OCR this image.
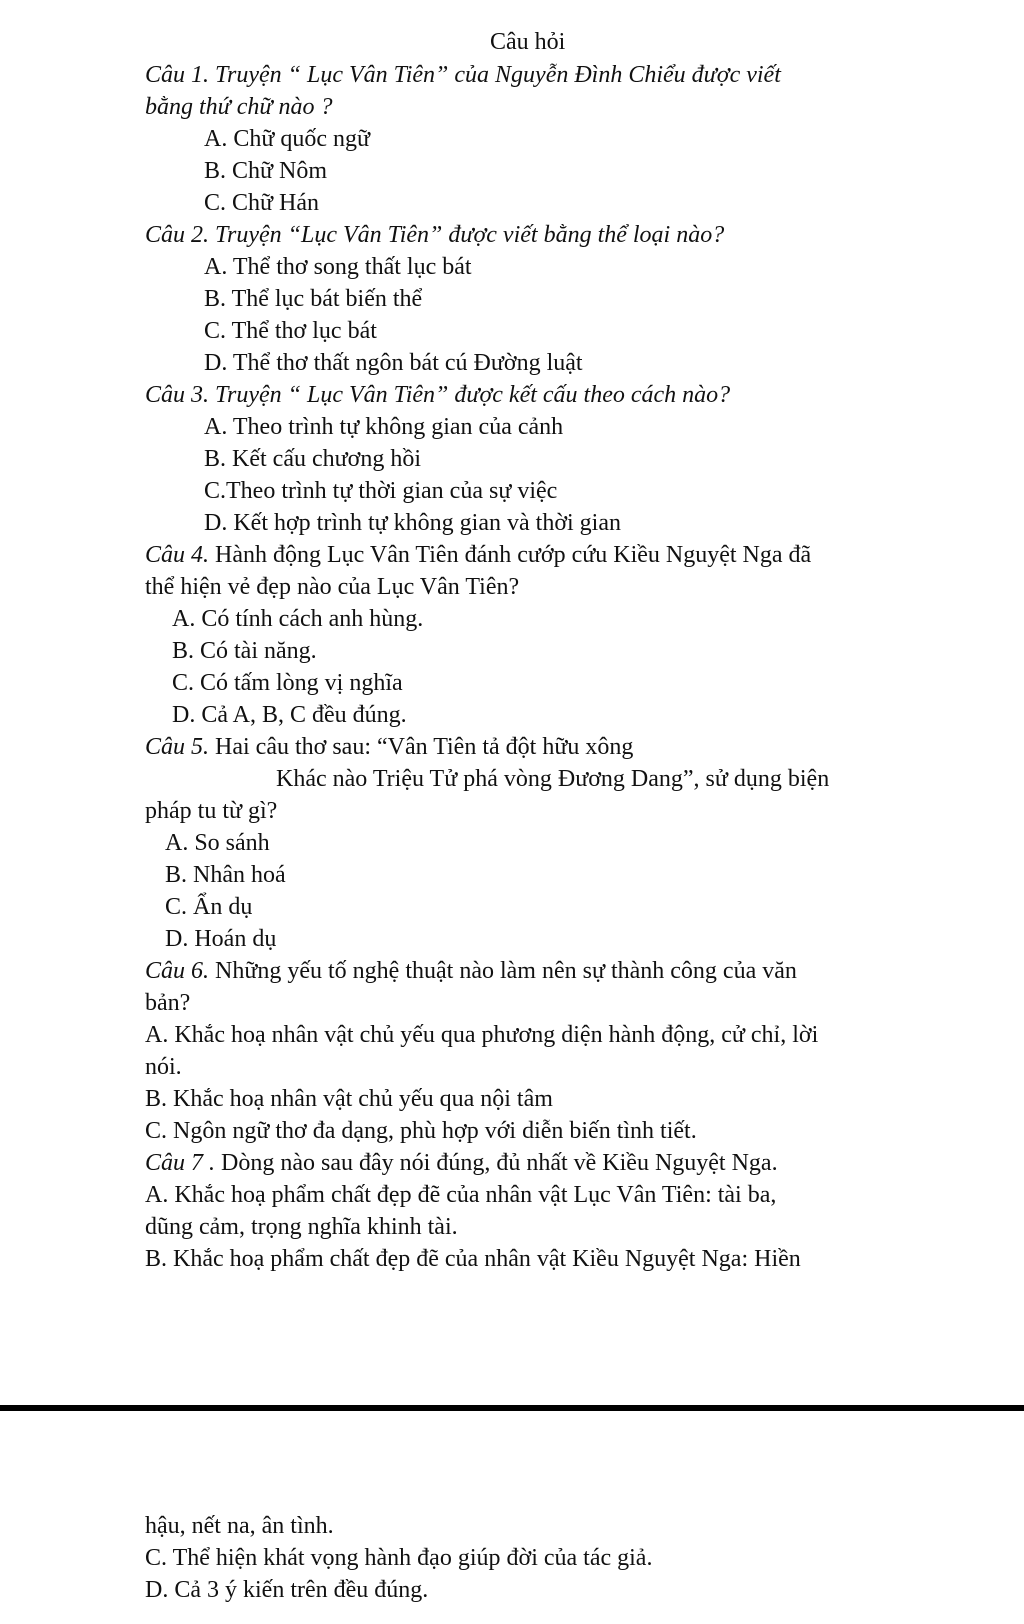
Câu hỏi
Câu 1. Truyện “ Lục Vân Tiên” của Nguyễn Đình Chiểu được viết
bằng thứ chữ nào ?
A. Chữ quốc ngữ
B. Chữ Nôm
C. Chữ Hán
Câu 2. Truyện “Lục Vân Tiên” được viết bằng thể loại nào?
A. Thể thơ song thất lục bát
B. Thể lục bát biến thể
C. Thể thơ lục bát
D. Thể thơ thất ngôn bát cú Đường luật
Câu 3. Truyện “ Lục Vân Tiên” được kết cấu theo cách nào?
A. Theo trình tự không gian của cảnh
B. Kết cấu chương hồi
C.Theo trình tự thời gian của sự việc
D. Kết hợp trình tự không gian và thời gian
Câu 4. Hành động Lục Vân Tiên đánh cướp cứu Kiều Nguyệt Nga đã
thể hiện vẻ đẹp nào của Lục Vân Tiên?
A. Có tính cách anh hùng.
B. Có tài năng.
C. Có tấm lòng vị nghĩa
D. Cả A, B, C đều đúng.
Câu 5. Hai câu thơ sau: “Vân Tiên tả đột hữu xông
Khác nào Triệu Tử phá vòng Đương Dang”, sử dụng biện
pháp tu từ gì?
A. So sánh
B. Nhân hoá
C. Ẩn dụ
D. Hoán dụ
Câu 6. Những yếu tố nghệ thuật nào làm nên sự thành công của văn
bản?
A. Khắc hoạ nhân vật chủ yếu qua phương diện hành động, cử chỉ, lời
nói.
B. Khắc hoạ nhân vật chủ yếu qua nội tâm
C. Ngôn ngữ thơ đa dạng, phù hợp với diễn biến tình tiết.
Câu 7 . Dòng nào sau đây nói đúng, đủ nhất về Kiều Nguyệt Nga.
A. Khắc hoạ phẩm chất đẹp đẽ của nhân vật Lục Vân Tiên: tài ba,
dũng cảm, trọng nghĩa khinh tài.
B. Khắc hoạ phẩm chất đẹp đẽ của nhân vật Kiều Nguyệt Nga: Hiền
hậu, nết na, ân tình.
C. Thể hiện khát vọng hành đạo giúp đời của tác giả.
D. Cả 3 ý kiến trên đều đúng.
